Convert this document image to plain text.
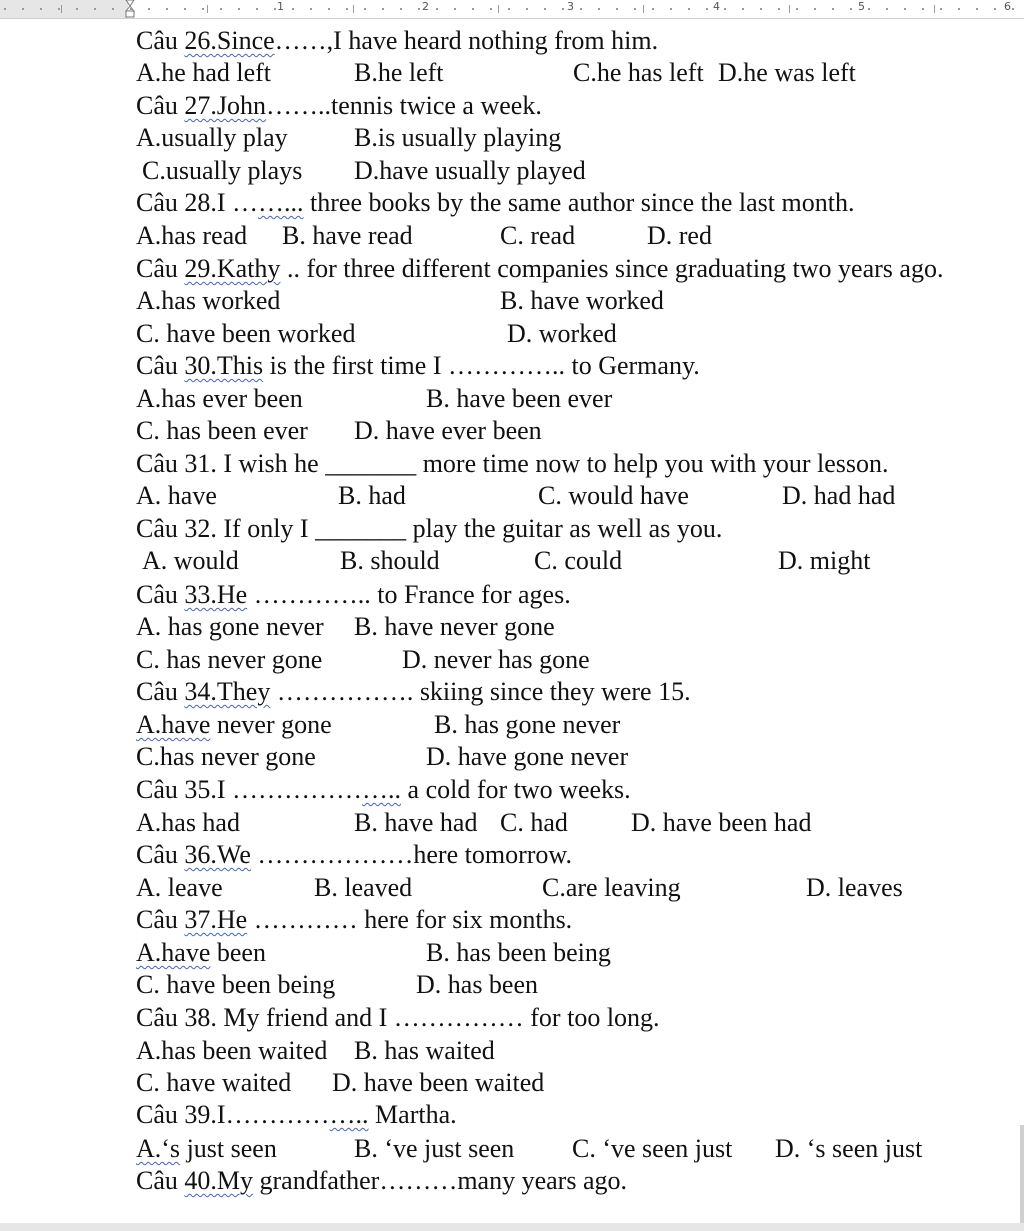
1	2	3	4	5	6
Câu 26.Since……,I have heard nothing from him.
A.he had left	B.he left	C.he has left D.he was left
Câu 27.John……..tennis twice a week.
A.usually play	B.is usually playing
C.usually plays D.have usually played
Câu 28.I ……... three books by the same author since the last month.
A.has read B. have read	C. read	D. red
Câu 29.Kathy .. for three different companies since graduating two years ago.
A.has worked	B. have worked
C. have been worked	D. worked
Câu 30.This is the first time I ………….. to Germany.
A.has ever been	B. have been ever
C. has been ever D. have ever been
Câu 31. I wish he _______ more time now to help you with your lesson.
A. have	B. had	C. would have	D. had had
Câu 32. If only I _______ play the guitar as well as you.
A. would	B. should	C. could	D. might
Câu 33.He ………….. to France for ages.
A. has gone never B. have never gone
C. has never gone	D. never has gone
Câu 34.They ……………. skiing since they were 15.
A.have never gone	B. has gone never
C.has never gone	D. have gone never
Câu 35.I ……………….. a cold for two weeks.
A.has had	B. have had C. had D. have been had
Câu 36.We ………………here tomorrow.
A. leave	B. leaved	C.are leaving	D. leaves
Câu 37.He ………… here for six months.
A.have been	B. has been being
C. have been being	D. has been
Câu 38. My friend and I …………… for too long.
A.has been waited B. has waited
C. have waited D. have been waited
Câu 39.I…………….. Martha.
A.‘s just seen	B. ‘ve just seen C. ‘ve seen just D. ‘s seen just
Câu 40.My grandfather………many years ago.
